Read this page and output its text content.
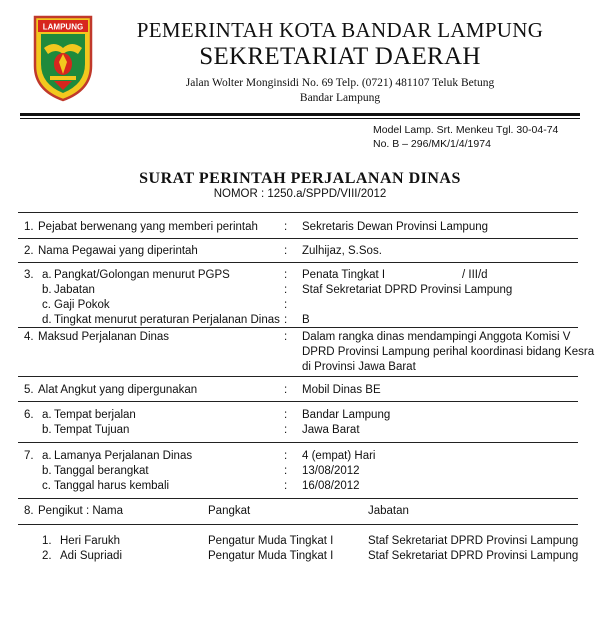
LAMPUNG	PEMERINTAH KOTA BANDAR LAMPUNG
SEKRETARIAT DAERAH
Jalan Wolter Monginsidi No. 69 Telp. (0721) 481107 Teluk Betung
Bandar Lampung
Model Lamp. Srt. Menkeu Tgl. 30-04-74
No. B – 296/MK/1/4/1974
SURAT PERINTAH PERJALANAN DINAS
NOMOR : 1250.a/SPPD/VIII/2012
1. Pejabat berwenang yang memberi perintah : Sekretaris Dewan Provinsi Lampung
2. Nama Pegawai yang diperintah	: Zulhijaz, S.Sos.
3. a. Pangkat/Golongan menurut PGPS	: Penata Tingkat I	/ III/d
b. Jabatan	: Staf Sekretariat DPRD Provinsi Lampung
c. Gaji Pokok	:
d. Tingkat menurut peraturan Perjalanan Dinas : B
4. Maksud Perjalanan Dinas	: Dalam rangka dinas mendampingi Anggota Komisi V
DPRD Provinsi Lampung perihal koordinasi bidang Kesra
di Provinsi Jawa Barat
5. Alat Angkut yang dipergunakan	: Mobil Dinas BE
6. a. Tempat berjalan	: Bandar Lampung
b. Tempat Tujuan	: Jawa Barat
7. a. Lamanya Perjalanan Dinas	: 4 (empat) Hari
b. Tanggal berangkat	: 13/08/2012
c. Tanggal harus kembali	: 16/08/2012
8. Pengikut : Nama	Pangkat	Jabatan
1. Heri Farukh	Pengatur Muda Tingkat I	Staf Sekretariat DPRD Provinsi Lampung
2. Adi Supriadi	Pengatur Muda Tingkat I	Staf Sekretariat DPRD Provinsi Lampung
